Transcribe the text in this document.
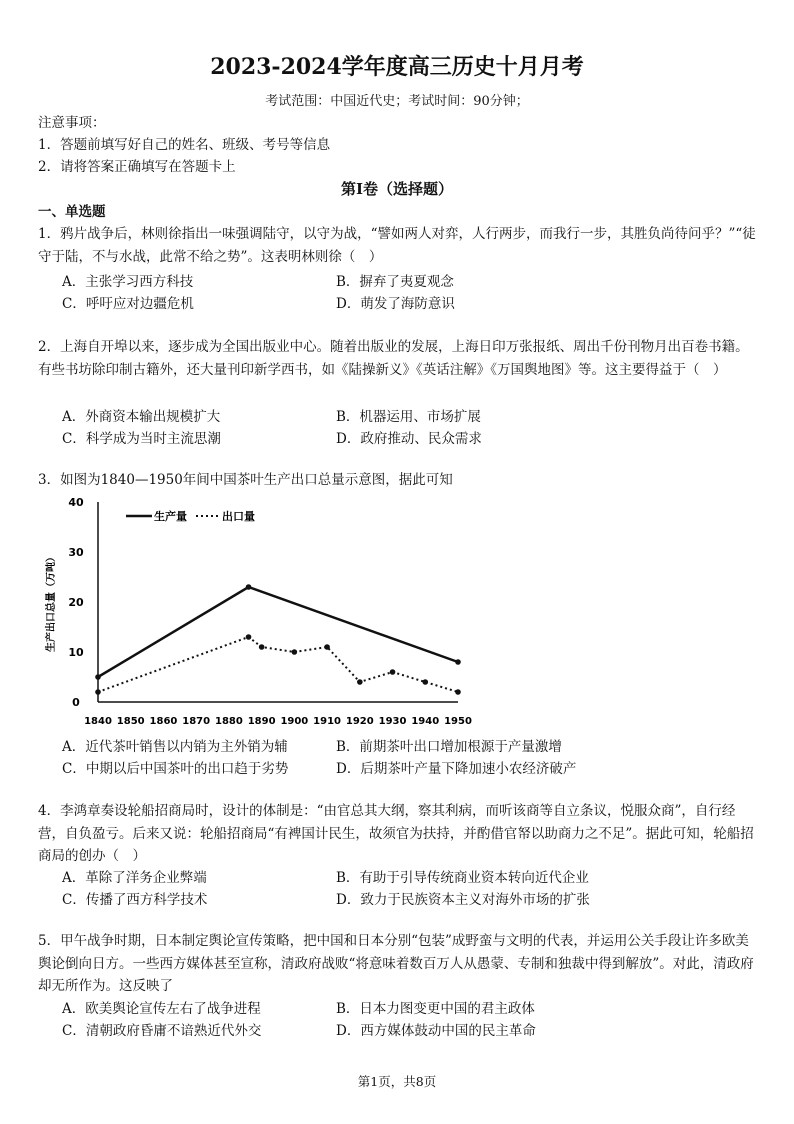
2023-2024学年度高三历史十月月考
考试范围：中国近代史；考试时间：90分钟；
注意事项：
1．答题前填写好自己的姓名、班级、考号等信息
2．请将答案正确填写在答题卡上
第Ⅰ卷（选择题）
一、单选题
1．鸦片战争后，林则徐指出一味强调陆守，以守为战，“譬如两人对弈，人行两步，而我行一步，其胜负尚待问乎？”“徒守于陆，不与水战，此常不给之势”。这表明林则徐（　）
A．主张学习西方科技	B．摒弃了夷夏观念
C．呼吁应对边疆危机	D．萌发了海防意识
2．上海自开埠以来，逐步成为全国出版业中心。随着出版业的发展，上海日印万张报纸、周出千份刊物月出百卷书籍。有些书坊除印制古籍外，还大量刊印新学西书，如《陆操新义》《英话注解》《万国舆地图》等。这主要得益于（　）
A．外商资本输出规模扩大	B．机器运用、市场扩展
C．科学成为当时主流思潮	D．政府推动、民众需求
3．如图为1840—1950年间中国茶叶生产出口总量示意图，据此可知
0
10
20
30
40
1840 1850 1860 1870 1880 1890 1900 1910 1920 1930 1940 1950
生产出口总量（万吨）
生产量	出口量
A．近代茶叶销售以内销为主外销为辅	B．前期茶叶出口增加根源于产量激增
C．中期以后中国茶叶的出口趋于劣势	D．后期茶叶产量下降加速小农经济破产
4．李鸿章奏设轮船招商局时，设计的体制是：“由官总其大纲，察其利病，而听该商等自立条议，悦服众商”，自行经营，自负盈亏。后来又说：轮船招商局“有裨国计民生，故须官为扶持，并酌借官帑以助商力之不足”。据此可知，轮船招商局的创办（　）
A．革除了洋务企业弊端	B．有助于引导传统商业资本转向近代企业
C．传播了西方科学技术	D．致力于民族资本主义对海外市场的扩张
5．甲午战争时期，日本制定舆论宣传策略，把中国和日本分别“包装”成野蛮与文明的代表，并运用公关手段让许多欧美舆论倒向日方。一些西方媒体甚至宣称，清政府战败“将意味着数百万人从愚蒙、专制和独裁中得到解放”。对此，清政府却无所作为。这反映了
A．欧美舆论宣传左右了战争进程	B．日本力图变更中国的君主政体
C．清朝政府昏庸不谙熟近代外交	D．西方媒体鼓动中国的民主革命
第1页，共8页
